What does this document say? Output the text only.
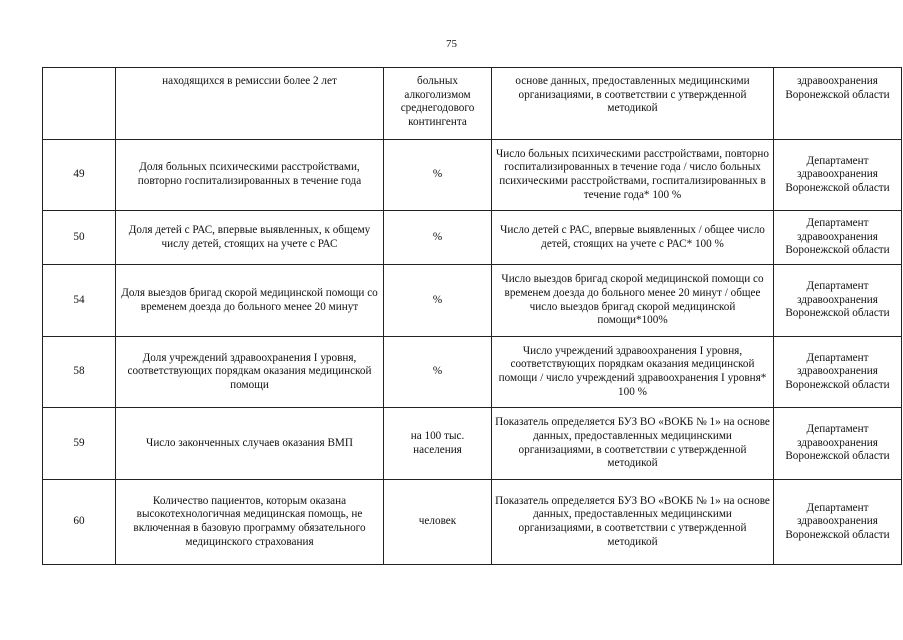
75
	находящихся в ремиссии более 2 лет	больных алкоголизмом среднегодового контингента	основе данных, предоставленных медицинскими организациями, в соответствии с утвержденной методикой	здравоохранения Воронежской области
49	Доля больных психическими расстройствами, повторно госпитализированных в течение года	%	Число больных психическими расстройствами, повторно госпитализированных в течение года / число больных психическими расстройствами, госпитализированных в течение года* 100 %	Департамент здравоохранения Воронежской области
50	Доля детей с РАС, впервые выявленных, к общему числу детей, стоящих на учете с РАС	%	Число детей с РАС, впервые выявленных / общее число детей, стоящих на учете с РАС* 100 %	Департамент здравоохранения Воронежской области
54	Доля выездов бригад скорой медицинской помощи со временем доезда до больного менее 20 минут	%	Число выездов бригад скорой медицинской помощи со временем доезда до больного менее 20 минут / общее число выездов бригад скорой медицинской помощи*100%	Департамент здравоохранения Воронежской области
58	Доля учреждений здравоохранения I уровня, соответствующих порядкам оказания медицинской помощи	%	Число учреждений здравоохранения I уровня, соответствующих порядкам оказания медицинской помощи / число учреждений здравоохранения I уровня* 100 %	Департамент здравоохранения Воронежской области
59	Число законченных случаев оказания ВМП	на 100 тыс. населения	Показатель определяется БУЗ ВО «ВОКБ № 1» на основе данных, предоставленных медицинскими организациями, в соответствии с утвержденной методикой	Департамент здравоохранения Воронежской области
60	Количество пациентов, которым оказана высокотехнологичная медицинская помощь, не включенная в базовую программу обязательного медицинского страхования	человек	Показатель определяется БУЗ ВО «ВОКБ № 1» на основе данных, предоставленных медицинскими организациями, в соответствии с утвержденной методикой	Департамент здравоохранения Воронежской области
